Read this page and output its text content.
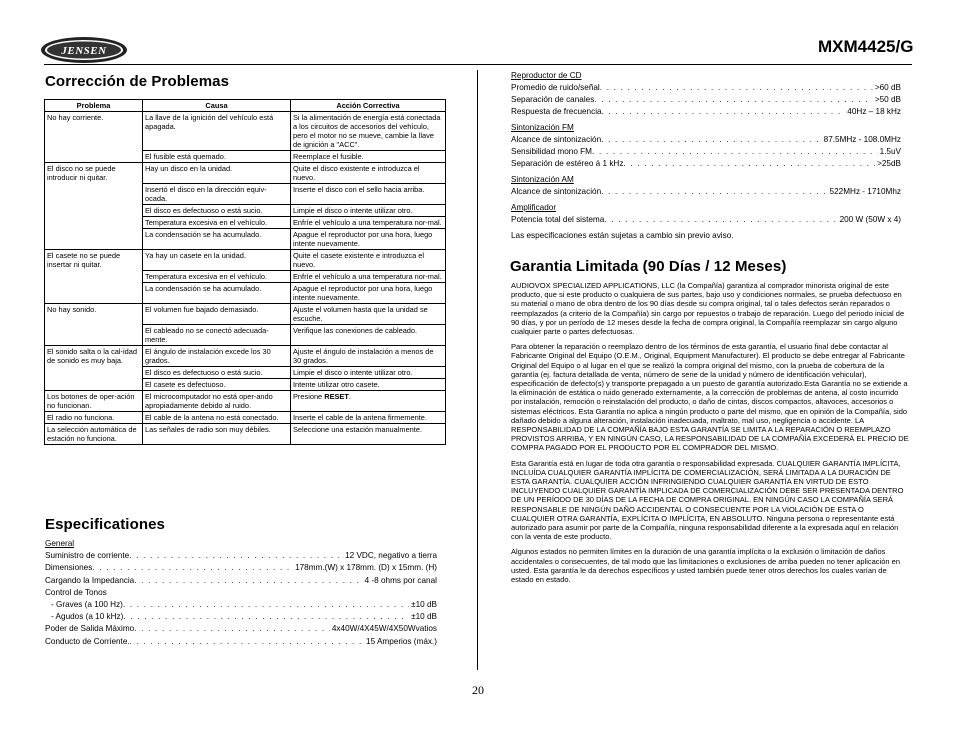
JENSEN	MXM4425/G
Corrección de Problemas
Problema	Causa	Acción Correctiva
No hay corriente.	La llave de la ignición del vehículo está apagada.	Si la alimentación de energía está conectada a los circuitos de accesorios del vehículo, pero el motor no se mueve, cambie la llave de ignición a "ACC".
	El fusible está quemado.	Reemplace el fusible.
El disco no se puede introducir ni quitar.	Hay un disco en la unidad.	Quite el disco existente e introduzca el nuevo.
	Insertó el disco en la dirección equiv-ocada.	Inserte el disco con el sello hacia arriba.
	El disco es defectuoso o está sucio.	Limpie el disco o intente utilizar otro.
	Temperatura excesiva en el vehículo.	Enfríe el vehículo a una temperatura nor-mal.
	La condensación se ha acumulado.	Apague el reproductor por una hora, luego intente nuevamente.
El casete no se puede insertar ni quitar.	Ya hay un casete en la unidad.	Quite el casete existente e introduzca el nuevo.
	Temperatura excesiva en el vehículo.	Enfríe el vehículo a una temperatura nor-mal.
	La condensación se ha acumulado.	Apague el reproductor por una hora, luego intente nuevamente.
No hay sonido.	El volumen fue bajado demasiado.	Ajuste el volumen hasta que la unidad se escuche.
	El cableado no se conectó adecuada-mente.	Verifique las conexiones de cableado.
El sonido salta o la cal-idad de sonido es muy baja.	El ángulo de instalación excede los 30 grados.	Ajuste el ángulo de instalación a menos de 30 grados.
	El disco es defectuoso o está sucio.	Limpie el disco o intente utilizar otro.
	El casete es defectuoso.	Intente utilizar otro casete.
Los botones de oper-ación no funcionan.	El microcomputador no está oper-ando apropiadamente debido al ruido.	Presione RESET.
El radio no funciona.	El cable de la antena no está conectado.	Inserte el cable de la antena firmemente.
La selección automática de estación no funciona.	Las señales de radio son muy débiles.	Seleccione una estación manualmente.
Especificationes
General
Suministro de corriente . . .	12 VDC, negativo a tierra
Dimensiones . . .	178mm.(W) x 178mm. (D) x 15mm. (H)
Cargando la Impedancia . . .	4 -8 ohms por canal
Control de Tonos
- Graves (a 100 Hz) . . .	±10 dB
- Agudos (a 10 kHz) . . .	±10 dB
Poder de Salida Máximo . . .	4x40W/4X45W/4X50Wvatios
Conducto de Corriente. . . .	15 Amperios (máx.)
Reproductor de CD
Promedio de ruido/señal . . .	>60 dB
Separación de canales . . .	>50 dB
Respuesta de frecuencia . . .	40Hz – 18 kHz
Sintonización FM
Alcance de sintonización . . .	87.5MHz - 108.0MHz
Sensibilidad mono FM . . .	1.5uV
Separación de estéreo á 1 kHz . . .	>25dB
Sintonización AM
Alcance de sintonización . . .	522MHz - 1710Mhz
Amplificador
Potencia total del sistema . . .	200 W (50W x 4)
Las especificaciones están sujetas a cambio sin previo aviso.
Garantia Limitada (90 Días / 12 Meses)

AUDIOVOX SPECIALIZED APPLICATIONS, LLC (la Compañía) garantiza al comprador minorista original de este producto, que si este producto o cualquiera de sus partes, bajo uso y condiciones normales, se prueba defectuoso en su material o mano de obra dentro de los 90 días desde su compra original, tal o tales defectos serán reparados o reemplazados (a criterio de la Compañía) sin cargo por repuestos o trabajo de reparación. Luego del periodo inicial de 90 días, y por un período de 12 meses desde la fecha de compra original, la Compañía reemplazar sin cargo alguno cualquier parte o partes defectuosas.

Para obtener la reparación o reemplazo dentro de los términos de esta garantía, el usuario final debe contactar al Fabricante Original del Equipo (O.E.M., Original, Equipment Manufacturer). El producto se debe entregar al Fabricante Original del Equipo o al lugar en el que se realizó la compra original del mismo, con la prueba de cobertura de la garantía (ej. factura detallada de venta, número de serie de la unidad y número de identificación vehicular), especificación de defecto(s) y transporte prepagado a un puesto de garantía autorizado.Esta Garantía no se extiende a la eliminación de estática o ruido generado externamente, a la corrección de problemas de antena, al costo incurrido por instalación, remoción o reinstalación del producto, o daño de cintas, discos compactos, altavoces, accesorios o sistemas eléctricos. Esta Garantía no aplica a ningún producto o parte del mismo, que en opinión de la Compañía, sido dañado debido a alguna alteración, instalación inadecuada, maltrato, mal uso, negligencia o accidente. LA RESPONSABILIDAD DE LA COMPAÑÍA BAJO ESTA GARANTÍA SE LIMITA A LA REPARACIÓN O REEMPLAZO PROVISTOS ARRIBA, Y EN NINGÚN CASO, LA RESPONSABILIDAD DE LA COMPAÑÍA EXCEDERÁ EL PRECIO DE COMPRA PAGADO POR EL PRODUCTO POR EL COMPRADOR DEL MISMO.

Esta Garantía está en lugar de toda otra garantía o responsabilidad expresada. CUALQUIER GARANTÍA IMPLÍCITA, INCLUÍDA CUALQUIER GARANTÍA IMPLÍCITA DE COMERCIALIZACIÓN, SERÁ LIMITADA A LA DURACIÓN DE ESTA GARANTÍA. CUALQUIER ACCIÓN INFRINGIENDO CUALQUIER GARANTÍA EN VIRTUD DE ESTO INCLUYENDO CUALQUIER GARANTÍA IMPLICADA DE COMERCIALIZACIÓN DEBE SER PRESENTADA DENTRO DE UN PERÍODO DE 30 DÍAS DE LA FECHA DE COMPRA ORIGINAL. EN NINGÚN CASO LA COMPAÑÍA SERÁ RESPONSABLE DE NINGÚN DAÑO ACCIDENTAL O CONSECUENTE POR LA VIOLACIÓN DE ESTA O CUALQUIER OTRA GARANTÍA, EXPLÍCITA O IMPLÍCITA, EN ABSOLUTO. Ninguna persona o representante está autorizado para asumir por parte de la Compañía, ninguna responsabilidad diferente a la expresada aquí en relación con la venta de este producto.

Algunos estados no permiten límites en la duración de una garantía implícita o la exclusión o limitación de daños accidentales o consecuentes, de tal modo que las limitaciones o exclusiones de arriba pueden no tener aplicación en usted. Esta garantía le da derechos específicos y usted también puede tener otros derechos los cuales varían de estado en estado.

20
